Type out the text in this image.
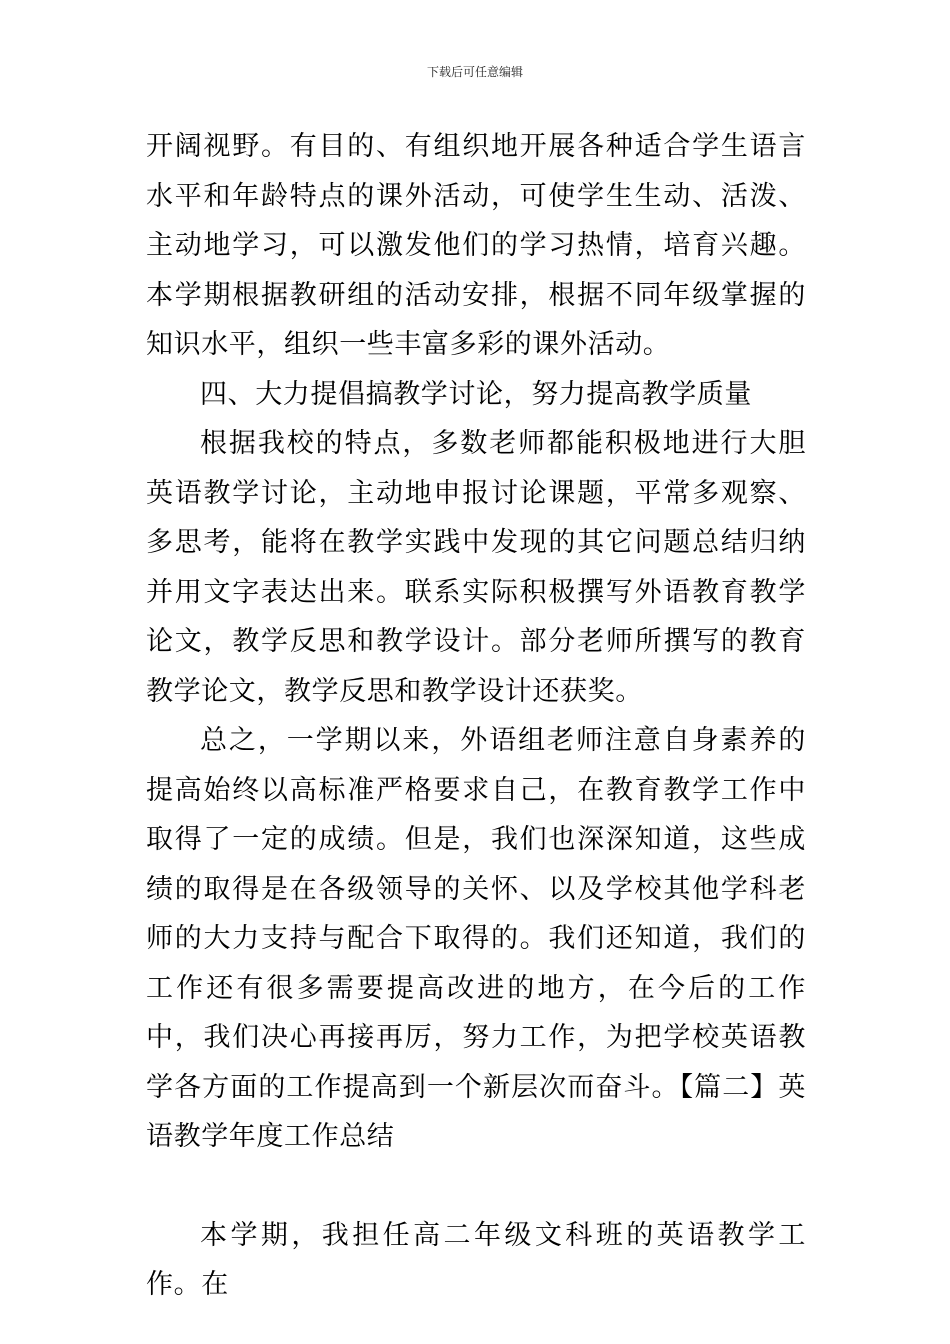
下载后可任意编辑

开阔视野。有目的、有组织地开展各种适合学生语言水平和年龄特点的课外活动，可使学生生动、活泼、主动地学习，可以激发他们的学习热情，培育兴趣。本学期根据教研组的活动安排，根据不同年级掌握的知识水平，组织一些丰富多彩的课外活动。

四、大力提倡搞教学讨论，努力提高教学质量

根据我校的特点，多数老师都能积极地进行大胆英语教学讨论，主动地申报讨论课题，平常多观察、多思考，能将在教学实践中发现的其它问题总结归纳并用文字表达出来。联系实际积极撰写外语教育教学论文，教学反思和教学设计。部分老师所撰写的教育教学论文，教学反思和教学设计还获奖。

总之，一学期以来，外语组老师注意自身素养的提高始终以高标准严格要求自己，在教育教学工作中取得了一定的成绩。但是，我们也深深知道，这些成绩的取得是在各级领导的关怀、以及学校其他学科老师的大力支持与配合下取得的。我们还知道，我们的工作还有很多需要提高改进的地方，在今后的工作中，我们决心再接再厉，努力工作，为把学校英语教学各方面的工作提高到一个新层次而奋斗。【篇二】英语教学年度工作总结

本学期，我担任高二年级文科班的英语教学工作。在
